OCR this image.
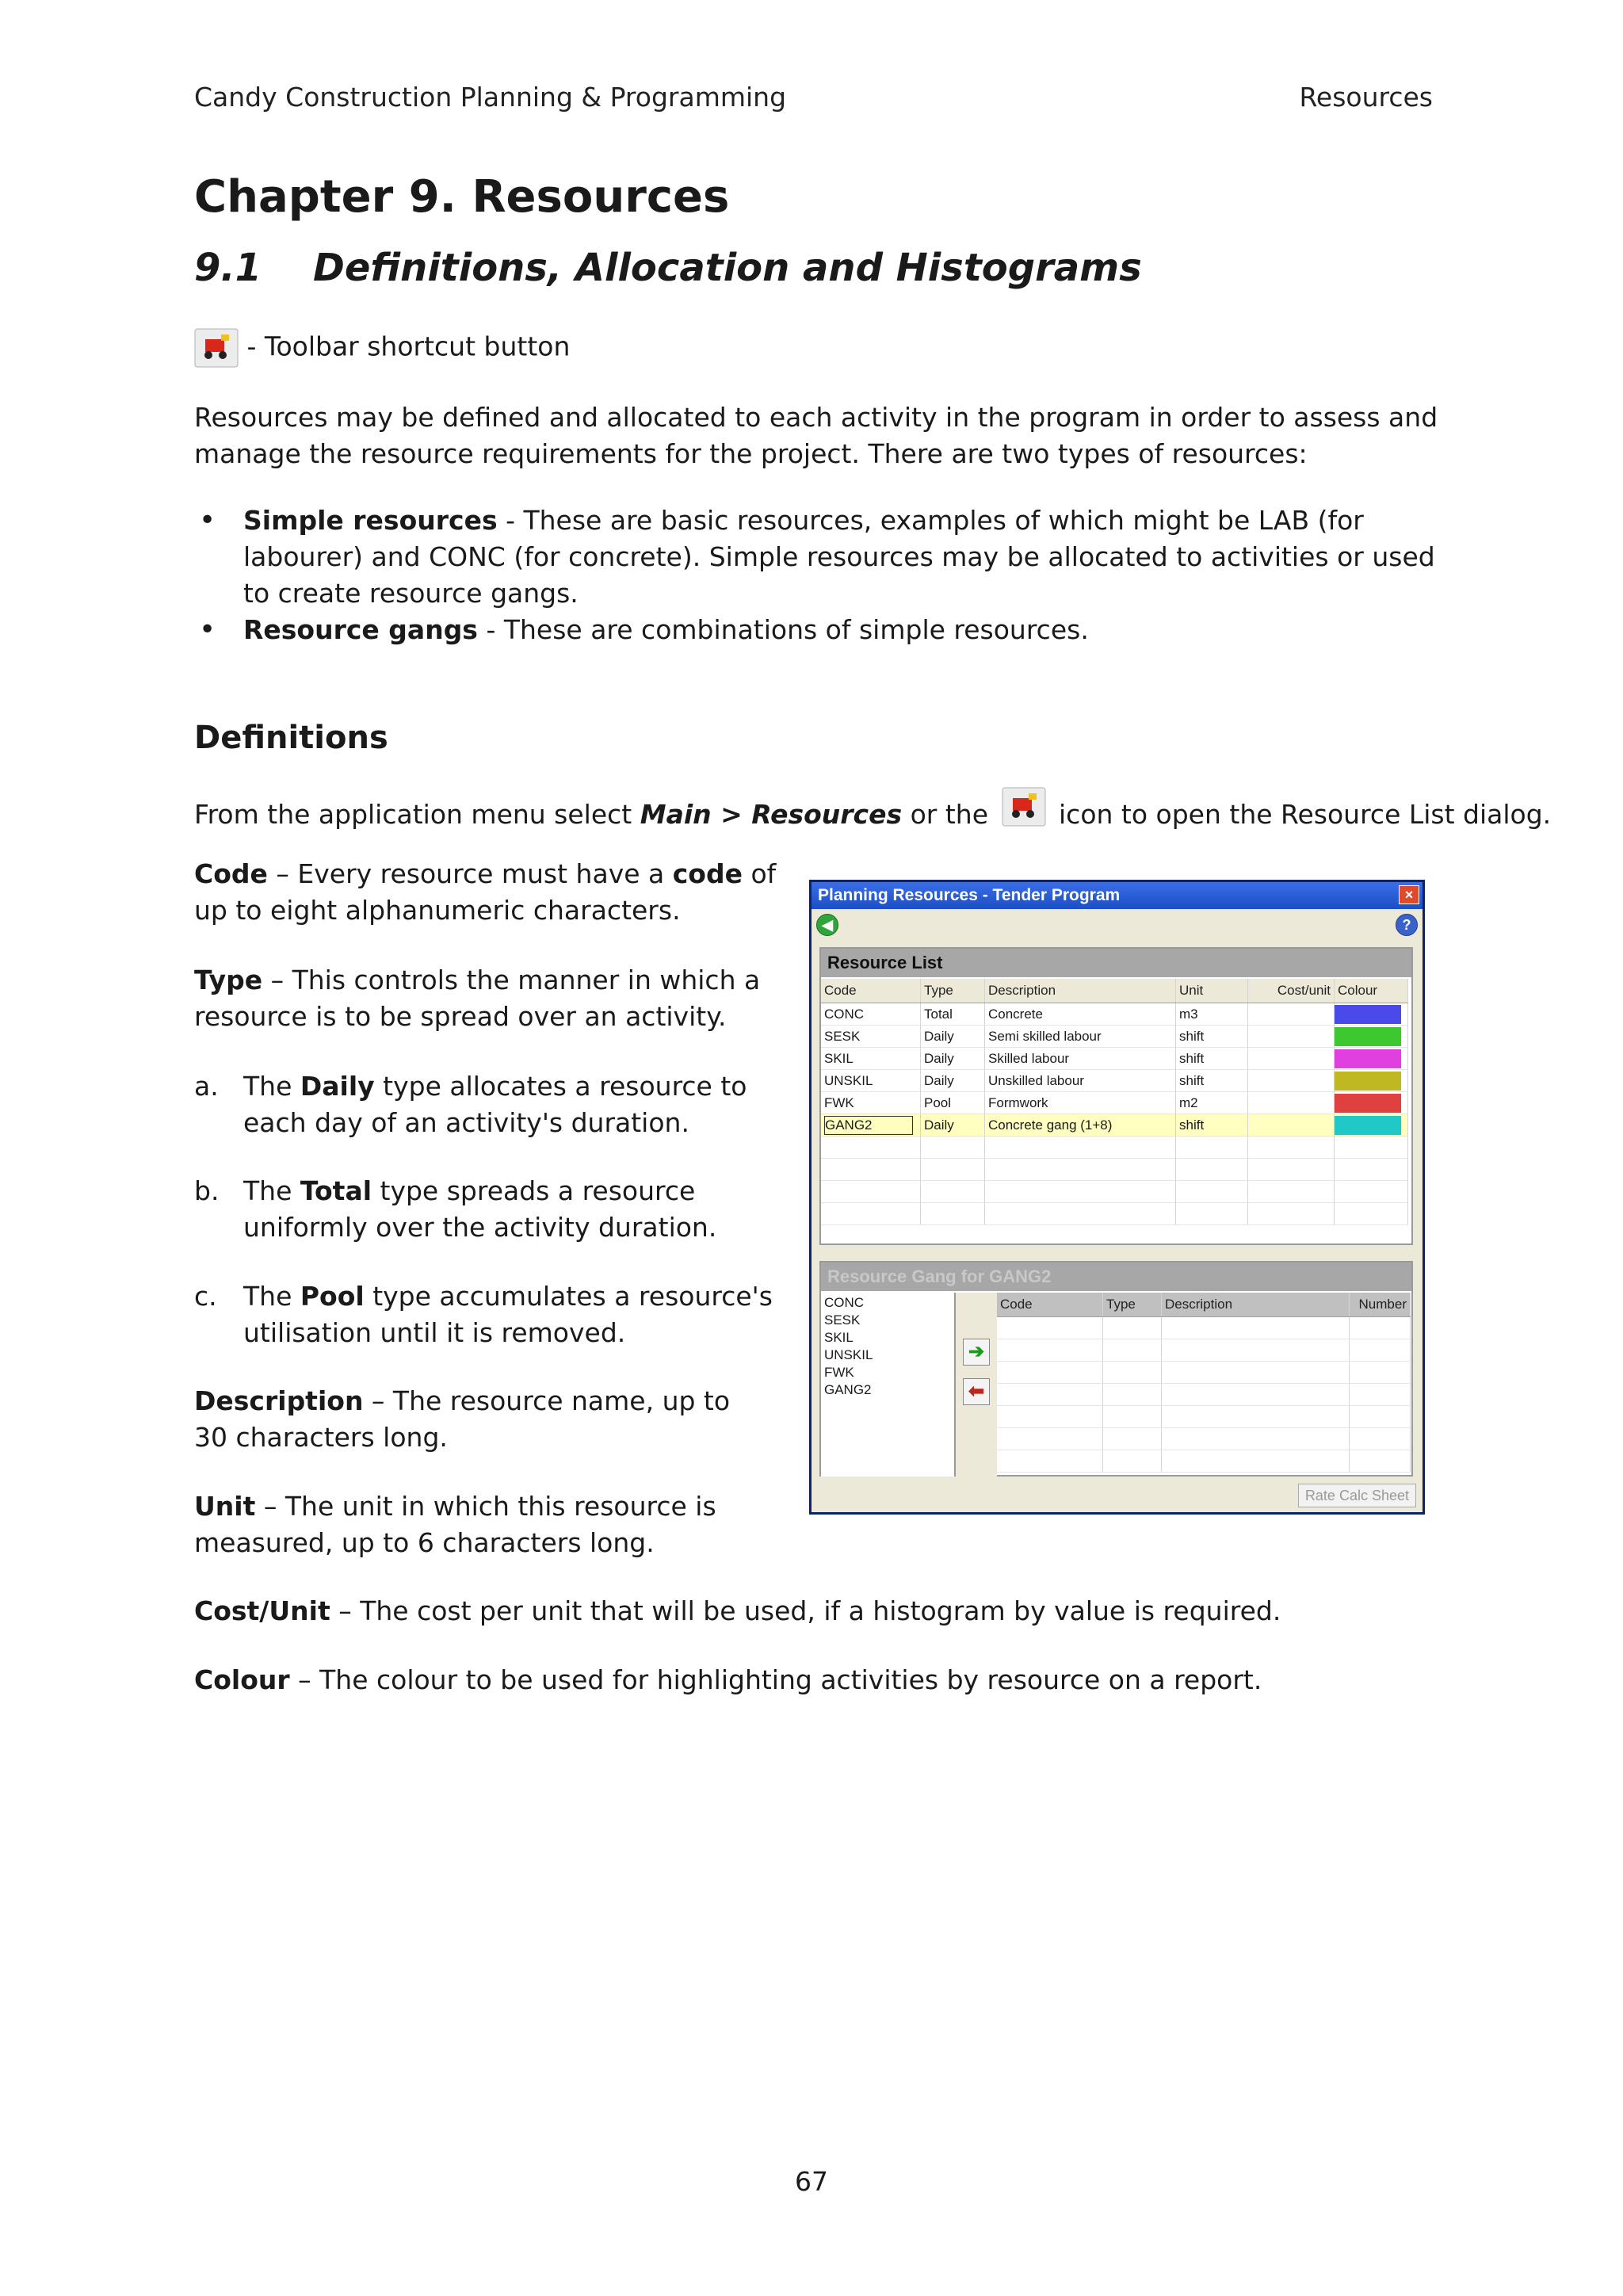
Candy Construction Planning & Programming	Resources
Chapter 9. Resources
9.1 Definitions, Allocation and Histograms
- Toolbar shortcut button
Resources may be defined and allocated to each activity in the program in order to assess and manage the resource requirements for the project. There are two types of resources:
• Simple resources - These are basic resources, examples of which might be LAB (for labourer) and CONC (for concrete). Simple resources may be allocated to activities or used to create resource gangs.
• Resource gangs - These are combinations of simple resources.
Definitions
From the application menu select Main > Resources or the  icon to open the Resource List dialog.
Code – Every resource must have a code of up to eight alphanumeric characters.
Type – This controls the manner in which a resource is to be spread over an activity.
a. The Daily type allocates a resource to each day of an activity's duration.
b. The Total type spreads a resource uniformly over the activity duration.
c. The Pool type accumulates a resource's utilisation until it is removed.
Description – The resource name, up to 30 characters long.
Unit – The unit in which this resource is measured, up to 6 characters long.
Cost/Unit – The cost per unit that will be used, if a histogram by value is required.
Colour – The colour to be used for highlighting activities by resource on a report.
Planning Resources - Tender Program	×
◀	?
Resource List
Code	Type	Description	Unit	Cost/unit	Colour
CONC	Total	Concrete	m3		

SESK	Daily	Semi skilled labour	shift		

SKIL	Daily	Skilled labour	shift		

UNSKIL	Daily	Unskilled labour	shift		

FWK	Pool	Formwork	m2		

GANG2	Daily	Concrete gang (1+8)	shift		

Resource Gang for GANG2
CONC
SESK
SKIL
UNSKIL
FWK
GANG2
➔
⬅
Code	Type	Description	Number

Rate Calc Sheet
67
